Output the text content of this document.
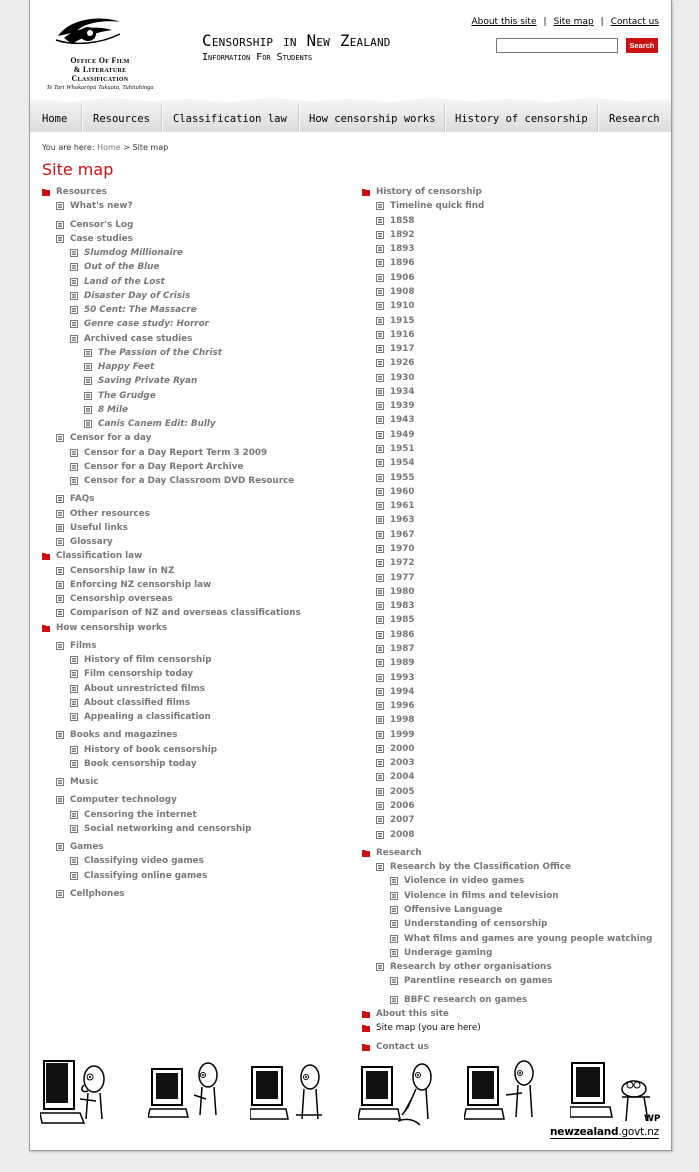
Office Of Film
& Literature
Classification
Te Tari Whakarōpū Tukuata, Tuhituhinga
Censorship in New Zealand
Information For Students
About this site | Site map | Contact us
Search
Home Resources Classification law How censorship works History of censorship Research
You are here: Home > Site map
Site map
WP
newzealand.govt.nz
Resources
What's new?
Censor's Log
Case studies
Slumdog Millionaire
Out of the Blue
Land of the Lost
Disaster Day of Crisis
50 Cent: The Massacre
Genre case study: Horror
Archived case studies
The Passion of the Christ
Happy Feet
Saving Private Ryan
The Grudge
8 Mile
Canis Canem Edit: Bully
Censor for a day
Censor for a Day Report Term 3 2009
Censor for a Day Report Archive
Censor for a Day Classroom DVD Resource
FAQs
Other resources
Useful links
Glossary
Classification law
Censorship law in NZ
Enforcing NZ censorship law
Censorship overseas
Comparison of NZ and overseas classifications
How censorship works
Films
History of film censorship
Film censorship today
About unrestricted films
About classified films
Appealing a classification
Books and magazines
History of book censorship
Book censorship today
Music
Computer technology
Censoring the internet
Social networking and censorship
Games
Classifying video games
Classifying online games
Cellphones
History of censorship
Timeline quick find
1858
1892
1893
1896
1906
1908
1910
1915
1916
1917
1926
1930
1934
1939
1943
1949
1951
1954
1955
1960
1961
1963
1967
1970
1972
1977
1980
1983
1985
1986
1987
1989
1993
1994
1996
1998
1999
2000
2003
2004
2005
2006
2007
2008
Research
Research by the Classification Office
Violence in video games
Violence in films and television
Offensive Language
Understanding of censorship
What films and games are young people watching
Underage gaming
Research by other organisations
Parentline research on games
BBFC research on games
About this site
Site map (you are here)
Contact us
